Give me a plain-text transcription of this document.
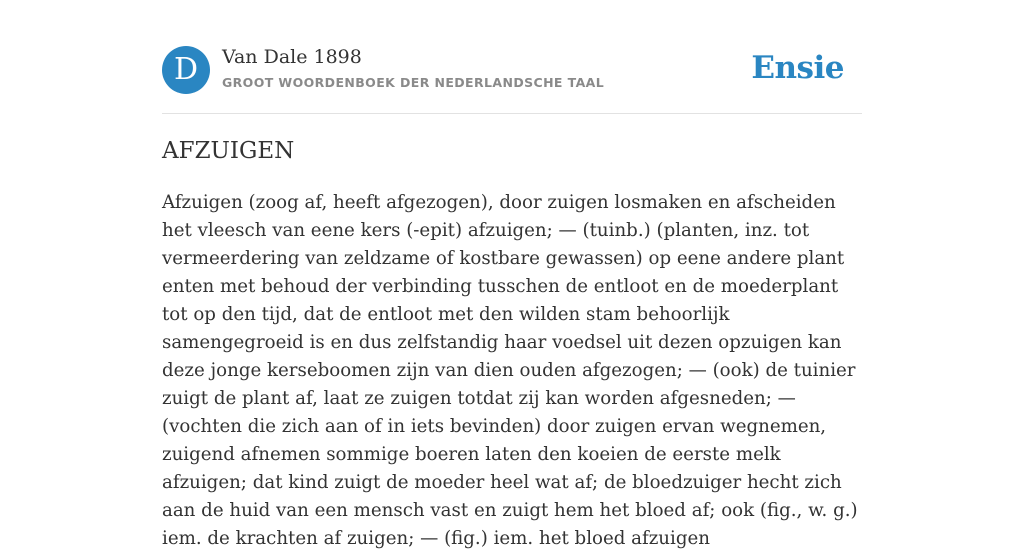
D	Van Dale 1898
GROOT WOORDENBOEK DER NEDERLANDSCHE TAAL	Ensie
AFZUIGEN

Afzuigen (zoog af, heeft afgezogen), door zuigen losmaken en afscheiden het vleesch van eene kers (-epit) afzuigen; — (tuinb.) (planten, inz. tot vermeerdering van zeldzame of kostbare gewassen) op eene andere plant enten met behoud der verbinding tusschen de entloot en de moederplant tot op den tijd, dat de entloot met den wilden stam behoorlijk samengegroeid is en dus zelfstandig haar voedsel uit dezen opzuigen kan deze jonge kerseboomen zijn van dien ouden afgezogen; — (ook) de tuinier zuigt de plant af, laat ze zuigen totdat zij kan worden afgesneden; — (vochten die zich aan of in iets bevinden) door zuigen ervan wegnemen, zuigend afnemen sommige boeren laten den koeien de eerste melk afzuigen; dat kind zuigt de moeder heel wat af; de bloedzuiger hecht zich aan de huid van een mensch vast en zuigt hem het bloed af; ook (fig., w. g.) iem. de krachten af zuigen; — (fig.) iem. het bloed afzuigen
